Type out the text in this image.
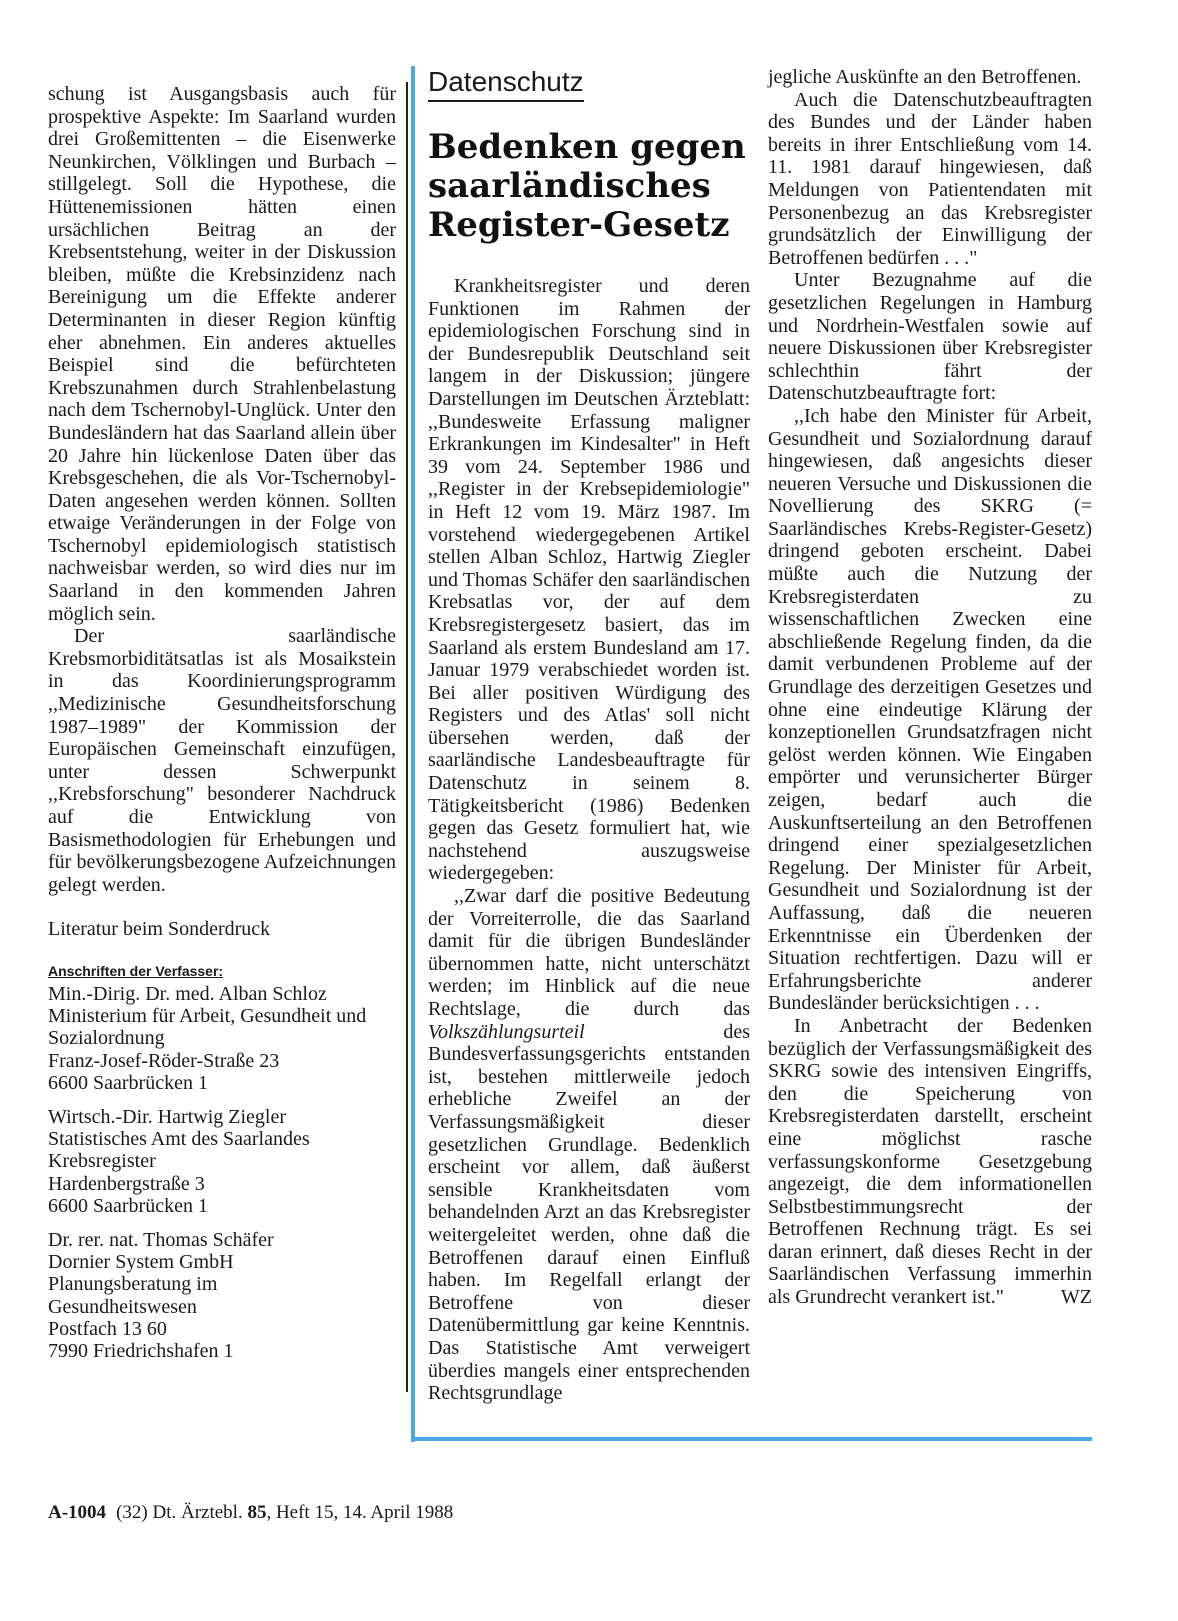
schung ist Ausgangsbasis auch für prospektive Aspekte: Im Saarland wurden drei Großemittenten – die Eisenwerke Neunkirchen, Völklingen und Burbach – stillgelegt. Soll die Hypothese, die Hüttenemissionen hätten einen ursächlichen Beitrag an der Krebsentstehung, weiter in der Diskussion bleiben, müßte die Krebsinzidenz nach Bereinigung um die Effekte anderer Determinanten in dieser Region künftig eher abnehmen. Ein anderes aktuelles Beispiel sind die befürchteten Krebszunahmen durch Strahlenbelastung nach dem Tschernobyl-Unglück. Unter den Bundesländern hat das Saarland allein über 20 Jahre hin lückenlose Daten über das Krebsgeschehen, die als Vor-Tschernobyl-Daten angesehen werden können. Sollten etwaige Veränderungen in der Folge von Tschernobyl epidemiologisch statistisch nachweisbar werden, so wird dies nur im Saarland in den kommenden Jahren möglich sein.

Der saarländische Krebsmorbiditätsatlas ist als Mosaikstein in das Koordinierungsprogramm ,,Medizinische Gesundheitsforschung 1987–1989" der Kommission der Europäischen Gemeinschaft einzufügen, unter dessen Schwerpunkt ,,Krebsforschung" besonderer Nachdruck auf die Entwicklung von Basismethodologien für Erhebungen und für bevölkerungsbezogene Aufzeichnungen gelegt werden.

Literatur beim Sonderdruck

Anschriften der Verfasser:

Min.-Dirig. Dr. med. Alban Schloz
Ministerium für Arbeit, Gesundheit und Sozialordnung
Franz-Josef-Röder-Straße 23
6600 Saarbrücken 1

Wirtsch.-Dir. Hartwig Ziegler
Statistisches Amt des Saarlandes
Krebsregister
Hardenbergstraße 3
6600 Saarbrücken 1

Dr. rer. nat. Thomas Schäfer
Dornier System GmbH
Planungsberatung im
Gesundheitswesen
Postfach 13 60
7990 Friedrichshafen 1

Datenschutz

Bedenken gegen saarländisches Register-Gesetz

Krankheitsregister und deren Funktionen im Rahmen der epidemiologischen Forschung sind in der Bundesrepublik Deutschland seit langem in der Diskussion; jüngere Darstellungen im Deutschen Ärzteblatt: ,,Bundesweite Erfassung maligner Erkrankungen im Kindesalter" in Heft 39 vom 24. September 1986 und ,,Register in der Krebsepidemiologie" in Heft 12 vom 19. März 1987. Im vorstehend wiedergegebenen Artikel stellen Alban Schloz, Hartwig Ziegler und Thomas Schäfer den saarländischen Krebsatlas vor, der auf dem Krebsregistergesetz basiert, das im Saarland als erstem Bundesland am 17. Januar 1979 verabschiedet worden ist. Bei aller positiven Würdigung des Registers und des Atlas' soll nicht übersehen werden, daß der saarländische Landesbeauftragte für Datenschutz in seinem 8. Tätigkeitsbericht (1986) Bedenken gegen das Gesetz formuliert hat, wie nachstehend auszugsweise wiedergegeben:

,,Zwar darf die positive Bedeutung der Vorreiterrolle, die das Saarland damit für die übrigen Bundesländer übernommen hatte, nicht unterschätzt werden; im Hinblick auf die neue Rechtslage, die durch das Volkszählungsurteil des Bundesverfassungsgerichts entstanden ist, bestehen mittlerweile jedoch erhebliche Zweifel an der Verfassungsmäßigkeit dieser gesetzlichen Grundlage. Bedenklich erscheint vor allem, daß äußerst sensible Krankheitsdaten vom behandelnden Arzt an das Krebsregister weitergeleitet werden, ohne daß die Betroffenen darauf einen Einfluß haben. Im Regelfall erlangt der Betroffene von dieser Datenübermittlung gar keine Kenntnis. Das Statistische Amt verweigert überdies mangels einer entsprechenden Rechtsgrundlage

jegliche Auskünfte an den Betroffenen.

Auch die Datenschutzbeauftragten des Bundes und der Länder haben bereits in ihrer Entschließung vom 14. 11. 1981 darauf hingewiesen, daß Meldungen von Patientendaten mit Personenbezug an das Krebsregister grundsätzlich der Einwilligung der Betroffenen bedürfen . . ."

Unter Bezugnahme auf die gesetzlichen Regelungen in Hamburg und Nordrhein-Westfalen sowie auf neuere Diskussionen über Krebsregister schlechthin fährt der Datenschutzbeauftragte fort:

,,Ich habe den Minister für Arbeit, Gesundheit und Sozialordnung darauf hingewiesen, daß angesichts dieser neueren Versuche und Diskussionen die Novellierung des SKRG (= Saarländisches Krebs-Register-Gesetz) dringend geboten erscheint. Dabei müßte auch die Nutzung der Krebsregisterdaten zu wissenschaftlichen Zwecken eine abschließende Regelung finden, da die damit verbundenen Probleme auf der Grundlage des derzeitigen Gesetzes und ohne eine eindeutige Klärung der konzeptionellen Grundsatzfragen nicht gelöst werden können. Wie Eingaben empörter und verunsicherter Bürger zeigen, bedarf auch die Auskunftserteilung an den Betroffenen dringend einer spezialgesetzlichen Regelung. Der Minister für Arbeit, Gesundheit und Sozialordnung ist der Auffassung, daß die neueren Erkenntnisse ein Überdenken der Situation rechtfertigen. Dazu will er Erfahrungsberichte anderer Bundesländer berücksichtigen . . .

In Anbetracht der Bedenken bezüglich der Verfassungsmäßigkeit des SKRG sowie des intensiven Eingriffs, den die Speicherung von Krebsregisterdaten darstellt, erscheint eine möglichst rasche verfassungskonforme Gesetzgebung angezeigt, die dem informationellen Selbstbestimmungsrecht der Betroffenen Rechnung trägt. Es sei daran erinnert, daß dieses Recht in der Saarländischen Verfassung immerhin als Grundrecht verankert ist."	WZ

A-1004 (32) Dt. Ärztebl. 85, Heft 15, 14. April 1988
